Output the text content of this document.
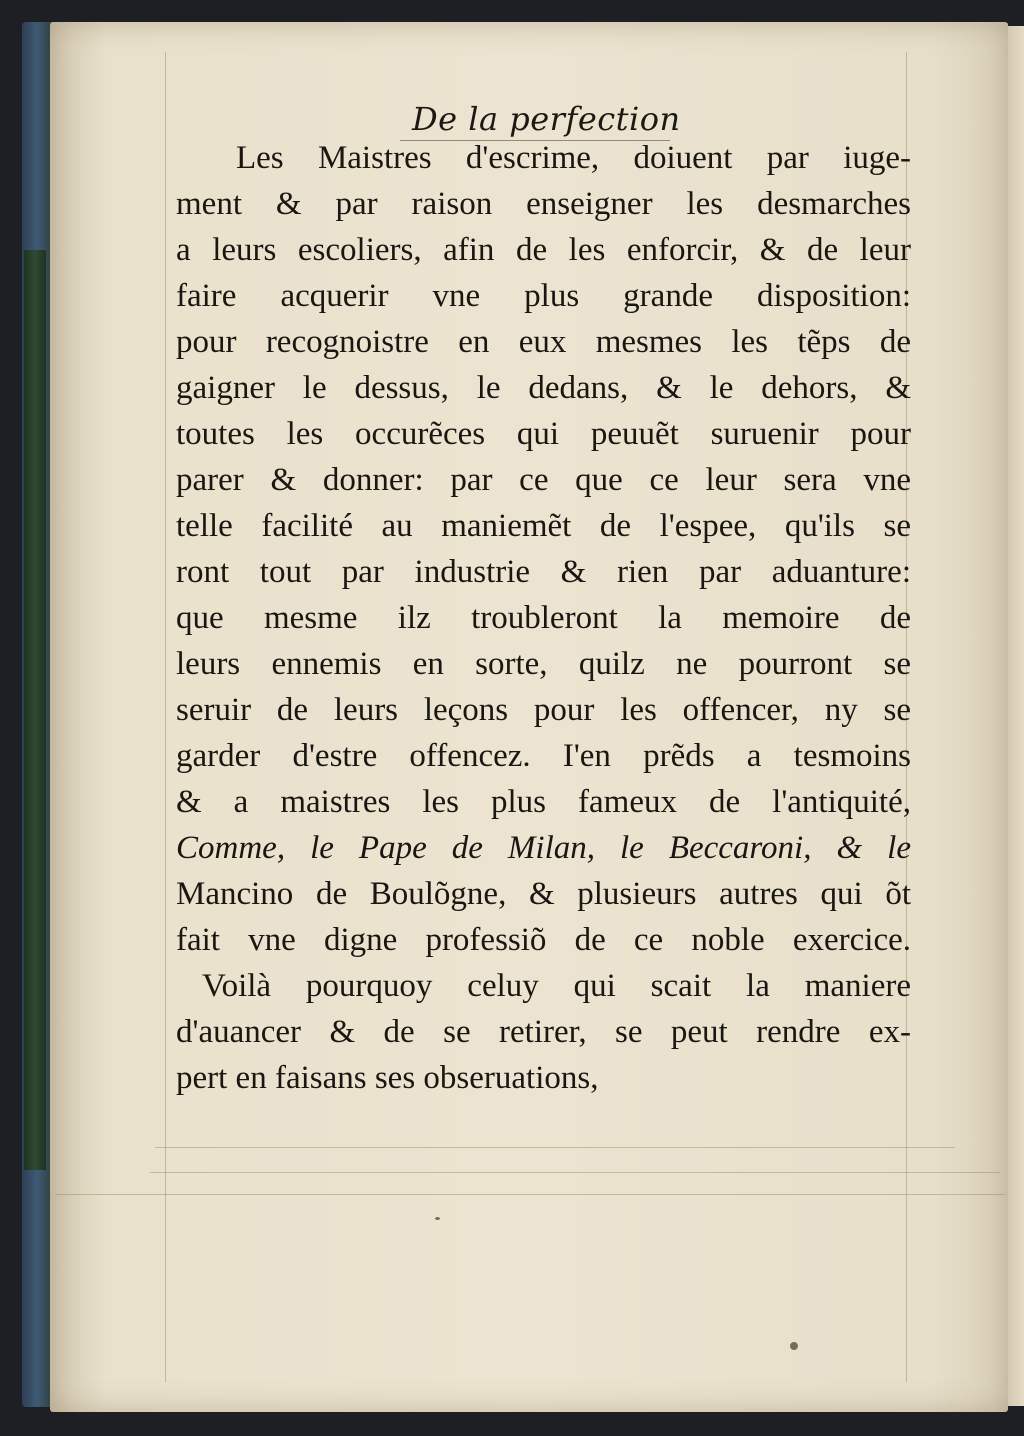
De la perfection
Les Maistres d'escrime, doiuent par iuge-
ment & par raison enseigner les desmarches
a leurs escoliers, afin de les enforcir, & de leur
faire acquerir vne plus grande disposition:
pour recognoistre en eux mesmes les tẽps de
gaigner le dessus, le dedans, & le dehors, &
toutes les occurẽces qui peuuẽt suruenir pour
parer & donner: par ce que ce leur sera vne
telle facilité au maniemẽt de l'espee, qu'ils se
ront tout par industrie & rien par aduanture:
que mesme ilz troubleront la memoire de
leurs ennemis en sorte, quilz ne pourront se
seruir de leurs leçons pour les offencer, ny se
garder d'estre offencez. I'en prẽds a tesmoins
& a maistres les plus fameux de l'antiquité,
Comme, le Pape de Milan, le Beccaroni, & le
Mancino de Boulõgne, & plusieurs autres qui õt
fait vne digne professiõ de ce noble exercice.
Voilà pourquoy celuy qui scait la maniere
d'auancer & de se retirer, se peut rendre ex-
pert en faisans ses obseruations,
